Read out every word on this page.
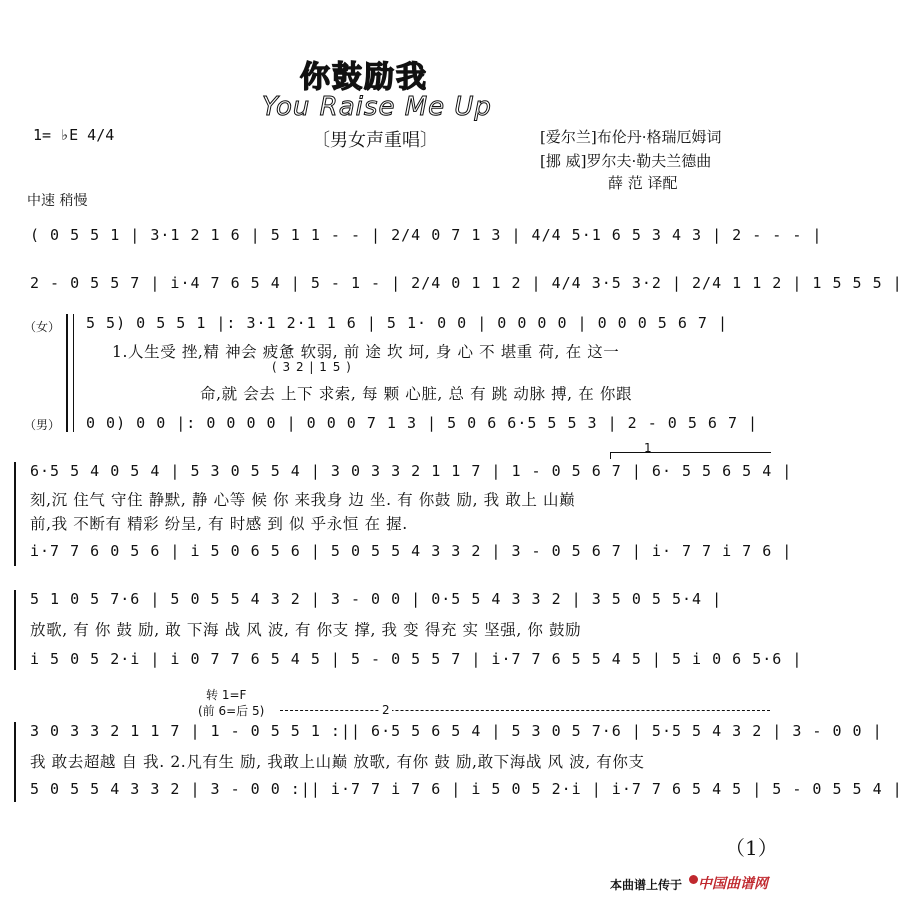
你鼓励我
You Raise Me Up
〔男女声重唱〕
1= ♭E 4/4	[爱尔兰]布伦丹·格瑞厄姆词
[挪 威]罗尔夫·勒夫兰德曲
薛 范 译配
中速 稍慢
( 0 5 5 1 | 3·1 2 1 6 | 5 1 1 - - | 2/4 0 7 1 3 | 4/4 5·1 6 5 3 4 3 | 2 - - - |
2 - 0 5 5 7 | i·4 7 6 5 4 | 5 - 1 - | 2/4 0 1 1 2 | 4/4 3·5 3·2 | 2/4 1 1 2 | 1 5 5 5 |
（女）
（男）
5 5) 0 5 5 1 |: 3·1 2·1 1 6 | 5 1· 0 0 | 0 0 0 0 | 0 0 0 5 6 7 |
1.人生受 挫,精 神会 疲惫 软弱, 前 途 坎 坷, 身 心 不 堪重 荷, 在 这一
( 3 2 | 1 5 )
命,就 会去 上下 求索, 每 颗 心脏, 总 有 跳 动脉 搏, 在 你跟
0 0) 0 0 |: 0 0 0 0 | 0 0 0 7 1 3 | 5 0 6 6·5 5 5 3 | 2 - 0 5 6 7 |
1
6·5 5 4 0 5 4 | 5 3 0 5 5 4 | 3 0 3 3 2 1 1 7 | 1 - 0 5 6 7 | 6· 5 5 6 5 4 |
刻,沉 住气 守住 静默, 静 心等 候 你 来我身 边 坐. 有 你鼓 励, 我 敢上 山巅
前,我 不断有 精彩 纷呈, 有 时感 到 似 乎永恒 在 握.
i·7 7 6 0 5 6 | i 5 0 6 5 6 | 5 0 5 5 4 3 3 2 | 3 - 0 5 6 7 | i· 7 7 i 7 6 |
5 1 0 5 7·6 | 5 0 5 5 4 3 2 | 3 - 0 0 | 0·5 5 4 3 3 2 | 3 5 0 5 5·4 |
放歌, 有 你 鼓 励, 敢 下海 战 风 波, 有 你支 撑, 我 变 得充 实 坚强, 你 鼓励
i 5 0 5 2·i | i 0 7 7 6 5 4 5 | 5 - 0 5 5 7 | i·7 7 6 5 5 4 5 | 5 i 0 6 5·6 |
转 1=F
(前 6=后 5)	2
3 0 3 3 2 1 1 7 | 1 - 0 5 5 1 :|| 6·5 5 6 5 4 | 5 3 0 5 7·6 | 5·5 5 4 3 2 | 3 - 0 0 |
我 敢去超越 自 我. 2.凡有生 励, 我敢上山巅 放歌, 有你 鼓 励,敢下海战 风 波, 有你支
5 0 5 5 4 3 3 2 | 3 - 0 0 :|| i·7 7 i 7 6 | i 5 0 5 2·i | i·7 7 6 5 4 5 | 5 - 0 5 5 4 |
（1）
本曲谱上传于 中国曲谱网
